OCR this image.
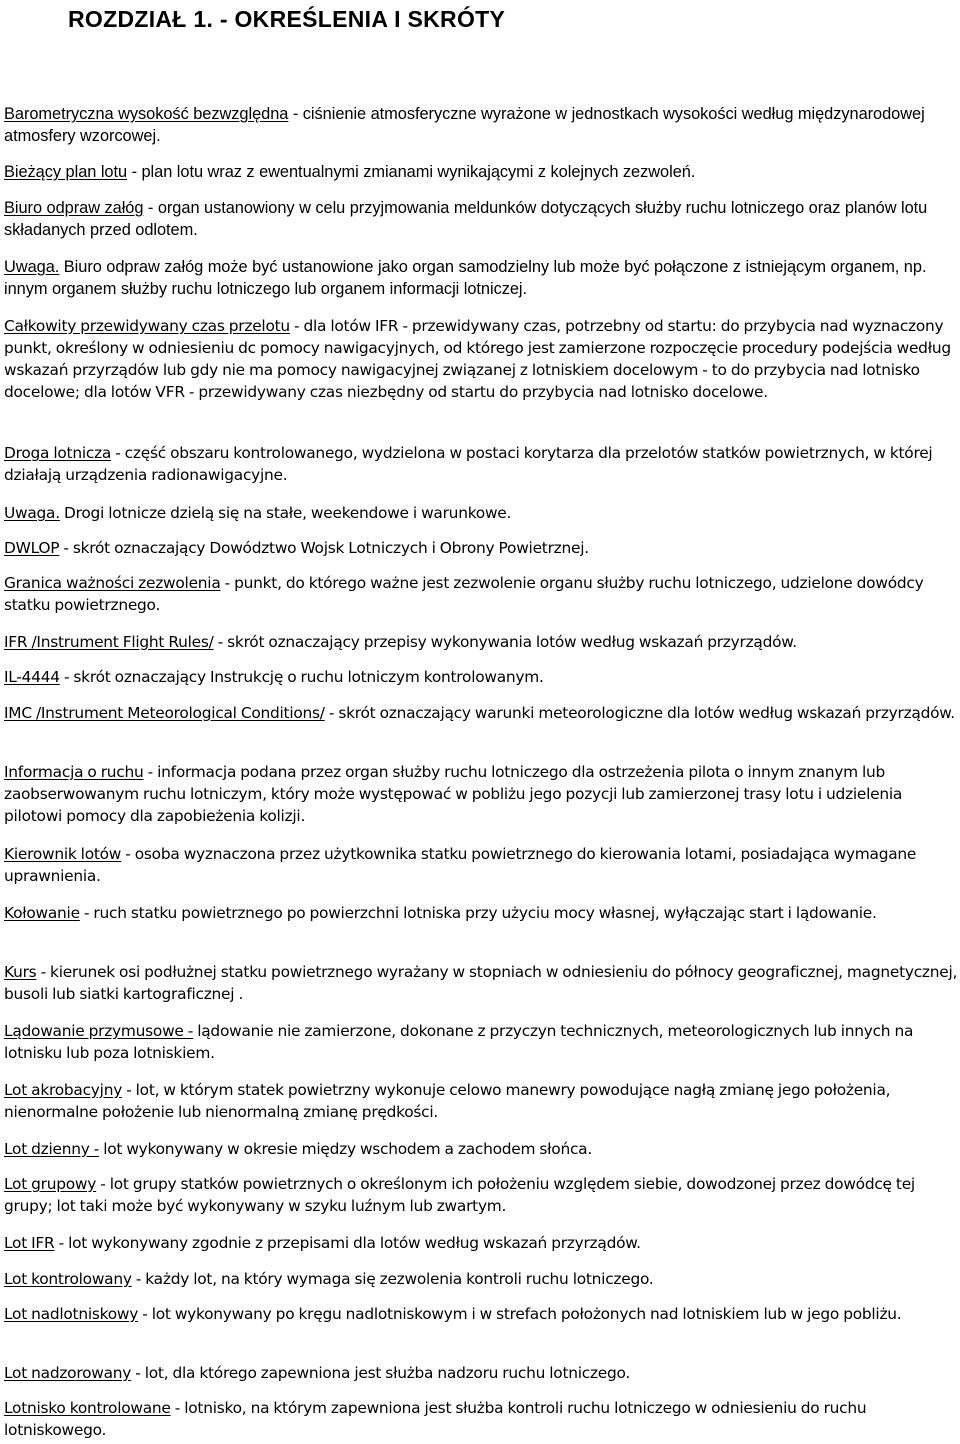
ROZDZIAŁ 1. - OKREŚLENIA I SKRÓTY

Barometryczna wysokość bezwzględna - ciśnienie atmosferyczne wyrażone w jednostkach wysokości według międzynarodowej atmosfery wzorcowej.

Bieżący plan lotu - plan lotu wraz z ewentualnymi zmianami wynikającymi z kolejnych zezwoleń.

Biuro odpraw załóg - organ ustanowiony w celu przyjmowania meldunków dotyczących służby ruchu lotniczego oraz planów lotu składanych przed odlotem.

Uwaga. Biuro odpraw załóg może być ustanowione jako organ samodzielny lub może być połączone z istniejącym organem, np. innym organem służby ruchu lotniczego lub organem informacji lotniczej.

Całkowity przewidywany czas przelotu - dla lotów IFR - przewidywany czas, potrzebny od startu: do przybycia nad wyznaczony punkt, określony w odniesieniu dc pomocy nawigacyjnych, od którego jest zamierzone rozpoczęcie procedury podejścia według wskazań przyrządów lub gdy nie ma pomocy nawigacyjnej związanej z lotniskiem docelowym - to do przybycia nad lotnisko docelowe; dla lotów VFR - przewidywany czas niezbędny od startu do przybycia nad lotnisko docelowe.

Droga lotnicza - część obszaru kontrolowanego, wydzielona w postaci korytarza dla przelotów statków powietrznych, w której działają urządzenia radionawigacyjne.

Uwaga. Drogi lotnicze dzielą się na stałe, weekendowe i warunkowe.

DWLOP - skrót oznaczający Dowództwo Wojsk Lotniczych i Obrony Powietrznej.

Granica ważności zezwolenia - punkt, do którego ważne jest zezwolenie organu służby ruchu lotniczego, udzielone dowódcy statku powietrznego.

IFR /Instrument Flight Rules/ - skrót oznaczający przepisy wykonywania lotów według wskazań przyrządów.

IL-4444 - skrót oznaczający Instrukcję o ruchu lotniczym kontrolowanym.

IMC /Instrument Meteorological Conditions/ - skrót oznaczający warunki meteorologiczne dla lotów według wskazań przyrządów.

Informacja o ruchu - informacja podana przez organ służby ruchu lotniczego dla ostrzeżenia pilota o innym znanym lub zaobserwowanym ruchu lotniczym, który może występować w pobliżu jego pozycji lub zamierzonej trasy lotu i udzielenia pilotowi pomocy dla zapobieżenia kolizji.

Kierownik lotów - osoba wyznaczona przez użytkownika statku powietrznego do kierowania lotami, posiadająca wymagane uprawnienia.

Kołowanie - ruch statku powietrznego po powierzchni lotniska przy użyciu mocy własnej, wyłączając start i lądowanie.

Kurs - kierunek osi podłużnej statku powietrznego wyrażany w stopniach w odniesieniu do północy geograficznej, magnetycznej, busoli lub siatki kartograficznej .

Lądowanie przymusowe - lądowanie nie zamierzone, dokonane z przyczyn technicznych, meteorologicznych lub innych na lotnisku lub poza lotniskiem.

Lot akrobacyjny - lot, w którym statek powietrzny wykonuje celowo manewry powodujące nagłą zmianę jego położenia, nienormalne położenie lub nienormalną zmianę prędkości.

Lot dzienny - lot wykonywany w okresie między wschodem a zachodem słońca.

Lot grupowy - lot grupy statków powietrznych o określonym ich położeniu względem siebie, dowodzonej przez dowódcę tej grupy; lot taki może być wykonywany w szyku luźnym lub zwartym.

Lot IFR - lot wykonywany zgodnie z przepisami dla lotów według wskazań przyrządów.

Lot kontrolowany - każdy lot, na który wymaga się zezwolenia kontroli ruchu lotniczego.

Lot nadlotniskowy - lot wykonywany po kręgu nadlotniskowym i w strefach położonych nad lotniskiem lub w jego pobliżu.

Lot nadzorowany - lot, dla którego zapewniona jest służba nadzoru ruchu lotniczego.

Lotnisko kontrolowane - lotnisko, na którym zapewniona jest służba kontroli ruchu lotniczego w odniesieniu do ruchu lotniskowego.
